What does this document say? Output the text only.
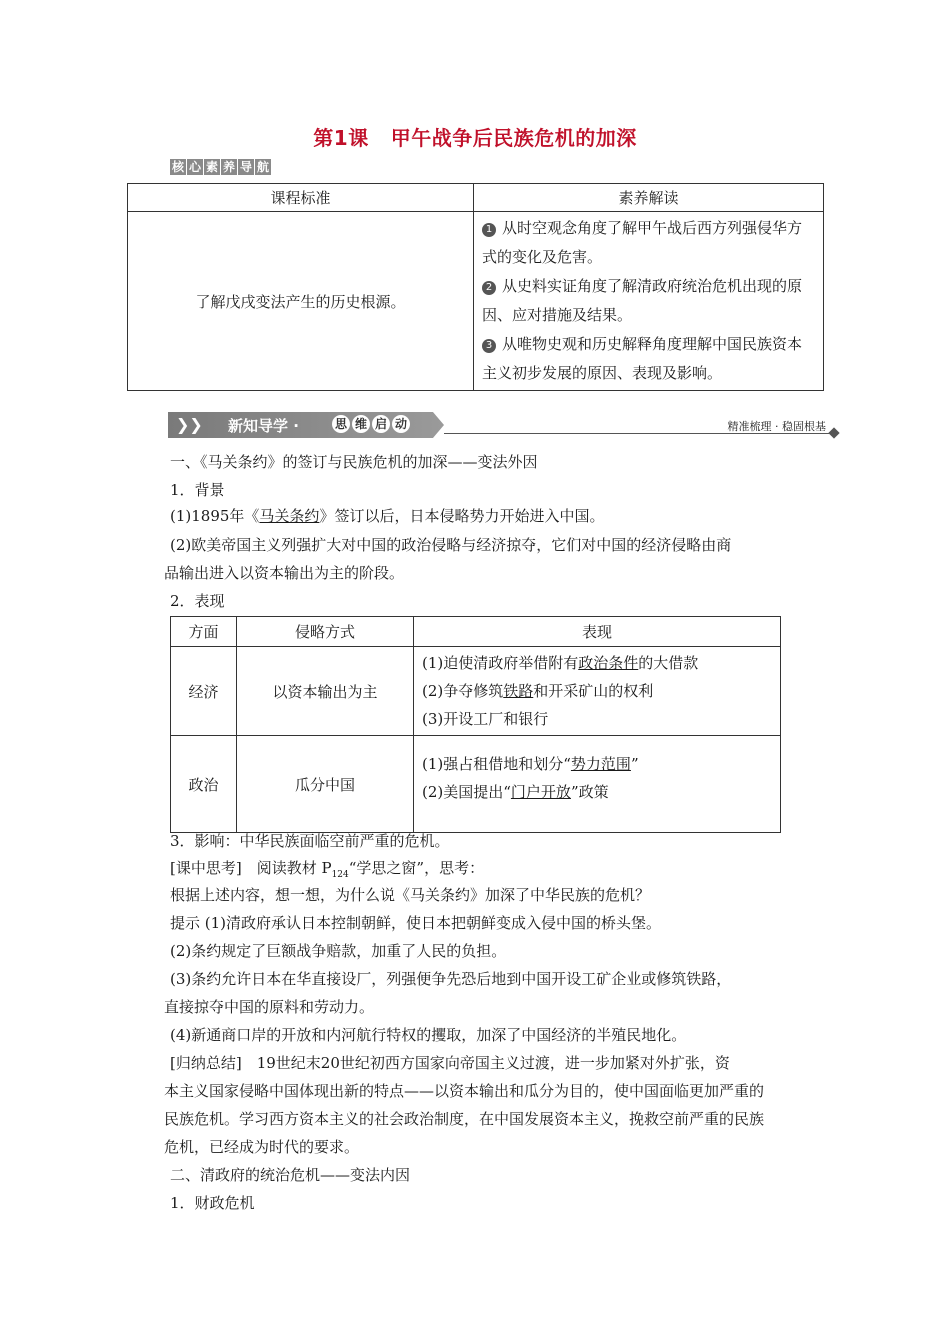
第1课 甲午战争后民族危机的加深
核 心 素 养 导 航
课程标准	素养解读
了解戊戌变法产生的历史根源。	1 从时空观念角度了解甲午战后西方列强侵华方式的变化及危害。
2 从史料实证角度了解清政府统治危机出现的原因、应对措施及结果。
3 从唯物史观和历史解释角度理解中国民族资本主义初步发展的原因、表现及影响。
❯❯ 新知导学 ·	思 维 启 动	精准梳理 · 稳固根基
一、《马关条约》的签订与民族危机的加深——变法外因
1．背景
(1)1895年《马关条约》签订以后，日本侵略势力开始进入中国。
(2)欧美帝国主义列强扩大对中国的政治侵略与经济掠夺，它们对中国的经济侵略由商
品输出进入以资本输出为主的阶段。
2．表现
方面	侵略方式	表现
经济	以资本输出为主	(1)迫使清政府举借附有政治条件的大借款
(2)争夺修筑铁路和开采矿山的权利
(3)开设工厂和银行

政治	瓜分中国	(1)强占租借地和划分“势力范围”
(2)美国提出“门户开放”政策
3．影响：中华民族面临空前严重的危机。
[课中思考]　阅读教材 $P_{124}“$学思之窗”，思考：
根据上述内容，想一想，为什么说《马关条约》加深了中华民族的危机？
提示 (1)清政府承认日本控制朝鲜，使日本把朝鲜变成入侵中国的桥头堡。
(2)条约规定了巨额战争赔款，加重了人民的负担。
(3)条约允许日本在华直接设厂，列强便争先恐后地到中国开设工矿企业或修筑铁路，
直接掠夺中国的原料和劳动力。
(4)新通商口岸的开放和内河航行特权的攫取，加深了中国经济的半殖民地化。
[归纳总结]　19世纪末20世纪初西方国家向帝国主义过渡，进一步加紧对外扩张，资
本主义国家侵略中国体现出新的特点——以资本输出和瓜分为目的，使中国面临更加严重的
民族危机。学习西方资本主义的社会政治制度，在中国发展资本主义，挽救空前严重的民族
危机，已经成为时代的要求。
二、清政府的统治危机——变法内因
1．财政危机
